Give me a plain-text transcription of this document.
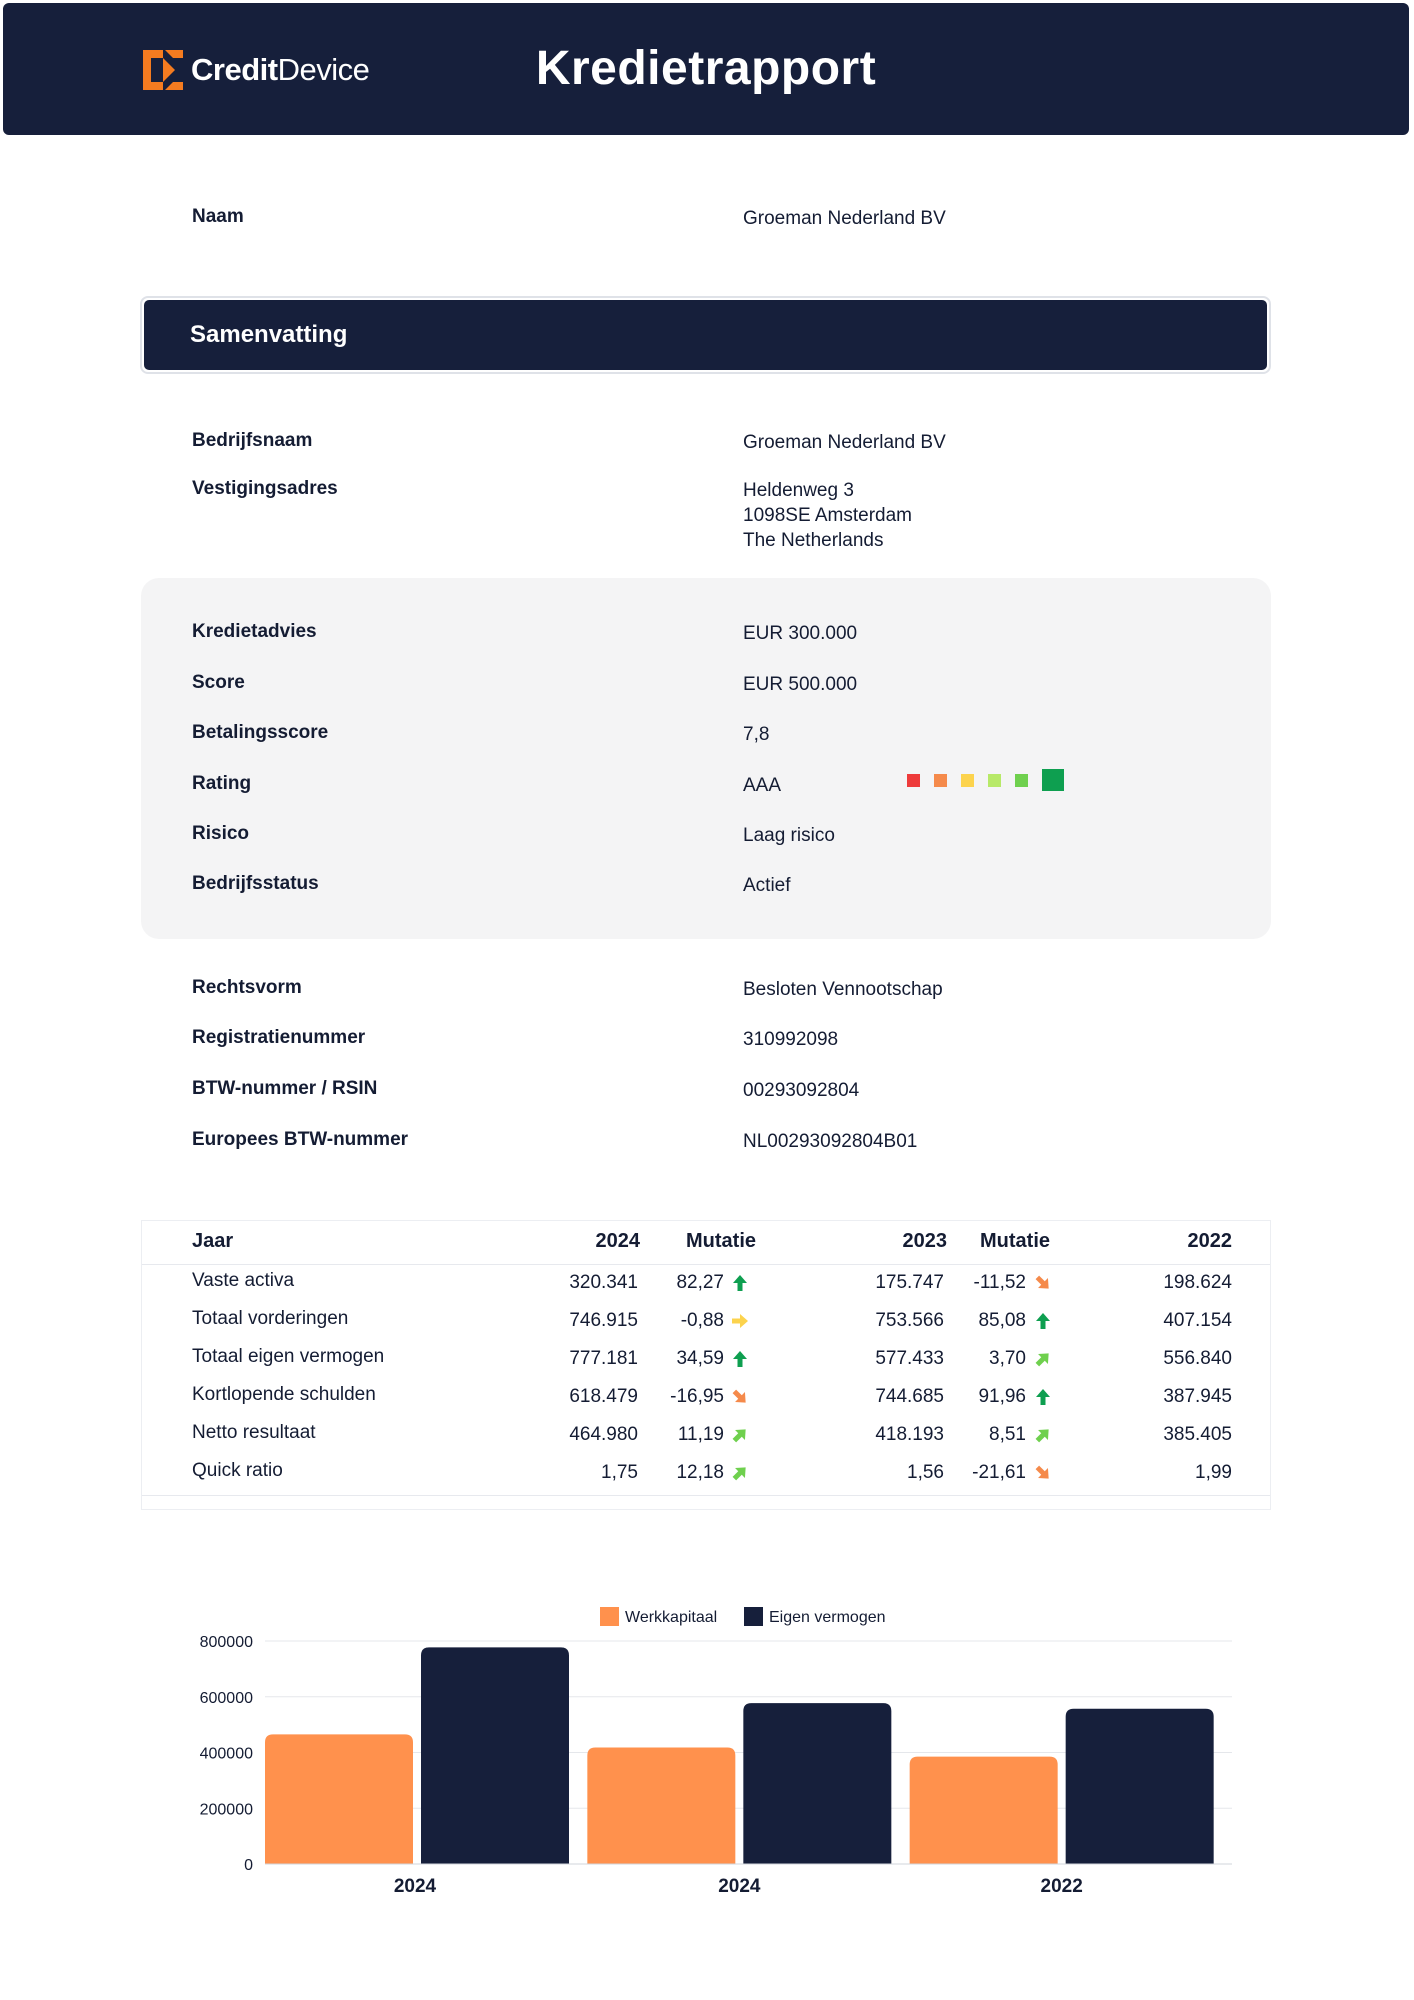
CreditDevice	Kredietrapport
Naam	Groeman Nederland BV
Samenvatting
Bedrijfsnaam	Groeman Nederland BV
Vestigingsadres	Heldenweg 3
1098SE Amsterdam
The Netherlands
Kredietadvies	EUR 300.000
Score	EUR 500.000
Betalingsscore	7,8
Rating	AAA
Risico	Laag risico
Bedrijfsstatus	Actief
Rechtsvorm	Besloten Vennootschap
Registratienummer	310992098
BTW-nummer / RSIN	00293092804
Europees BTW-nummer	NL00293092804B01
Jaar	2024 Mutatie	2023 Mutatie	2022
Vaste activa	320.341	82,27	175.747	-11,52	198.624
Totaal vorderingen	746.915	-0,88	753.566	85,08	407.154
Totaal eigen vermogen	777.181	34,59	577.433	3,70	556.840
Kortlopende schulden	618.479	-16,95	744.685	91,96	387.945
Netto resultaat	464.980	11,19	418.193	8,51	385.405
Quick ratio	1,75	12,18	1,56	-21,61	1,99
0
200000
400000
600000
800000
2024	2024	2022
Werkkapitaal	Eigen vermogen
